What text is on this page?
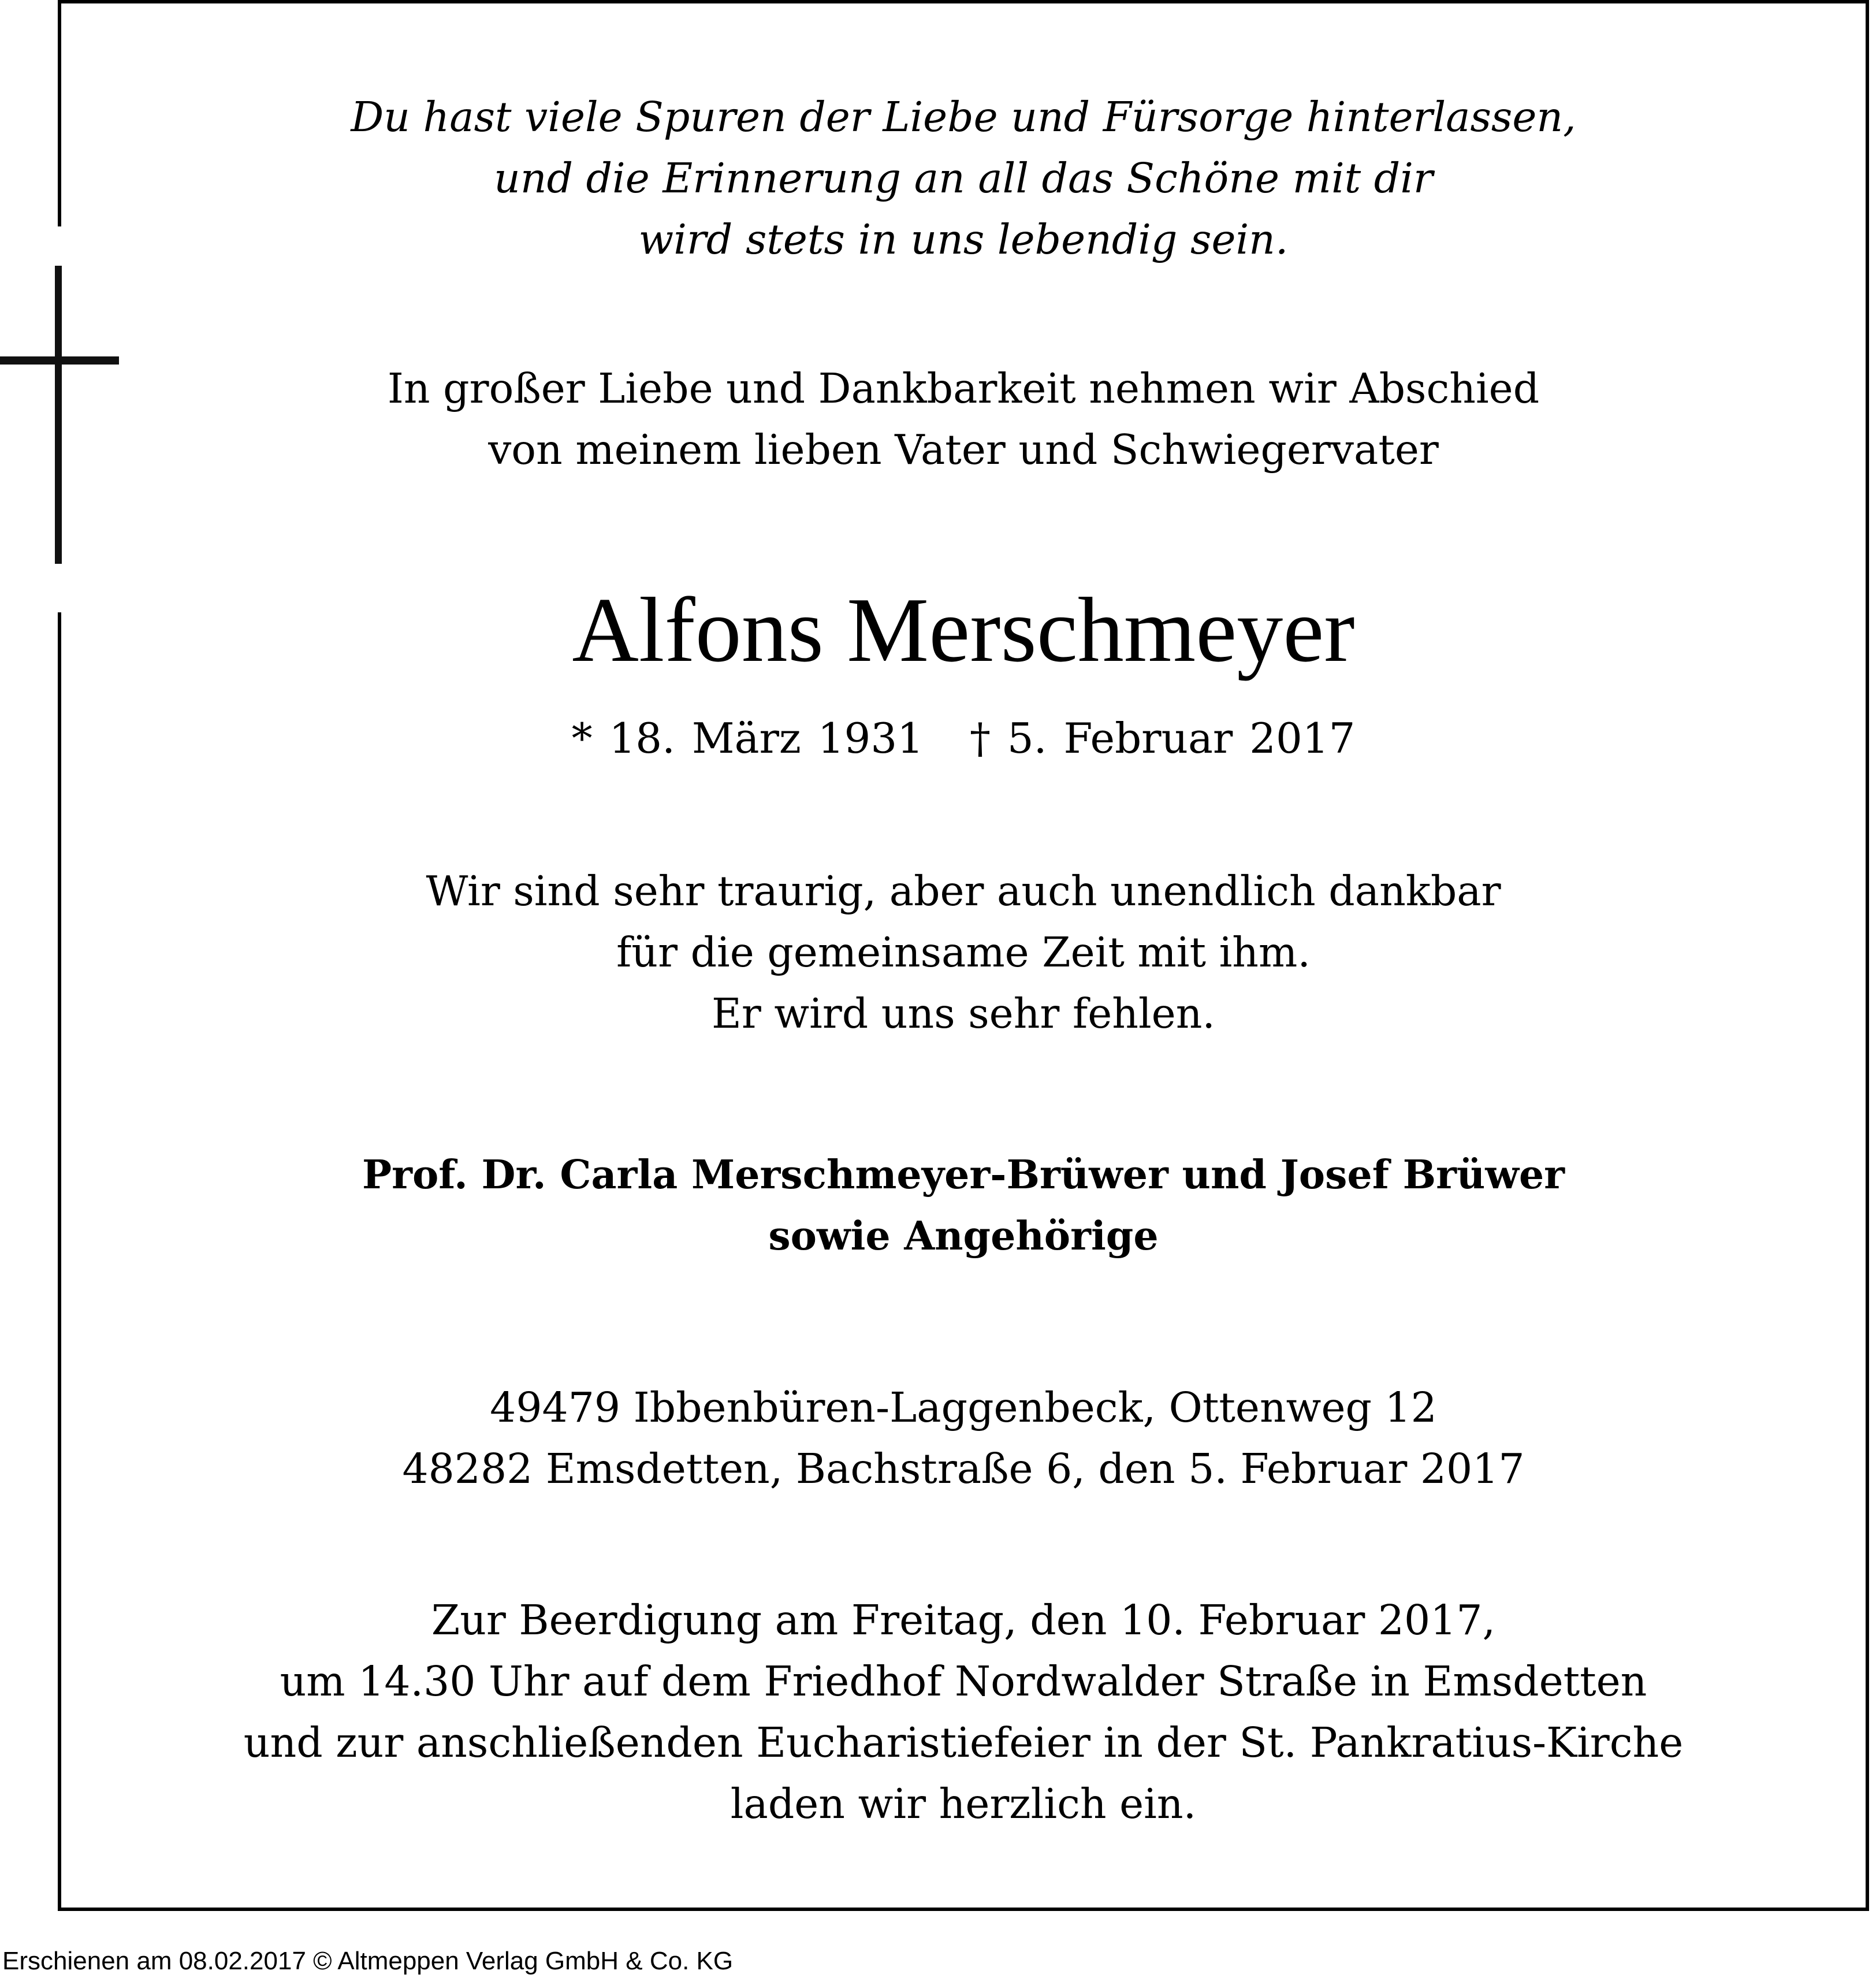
Du hast viele Spuren der Liebe und Fürsorge hinterlassen,
und die Erinnerung an all das Schöne mit dir
wird stets in uns lebendig sein.
In großer Liebe und Dankbarkeit nehmen wir Abschied
von meinem lieben Vater und Schwiegervater
Alfons Merschmeyer
* 18. März 1931 † 5. Februar 2017
Wir sind sehr traurig, aber auch unendlich dankbar
für die gemeinsame Zeit mit ihm.
Er wird uns sehr fehlen.
Prof. Dr. Carla Merschmeyer-Brüwer und Josef Brüwer
sowie Angehörige
49479 Ibbenbüren-Laggenbeck, Ottenweg 12
48282 Emsdetten, Bachstraße 6, den 5. Februar 2017
Zur Beerdigung am Freitag, den 10. Februar 2017,
um 14.30 Uhr auf dem Friedhof Nordwalder Straße in Emsdetten
und zur anschließenden Eucharistiefeier in der St. Pankratius-Kirche
laden wir herzlich ein.
Erschienen am 08.02.2017 © Altmeppen Verlag GmbH & Co. KG
